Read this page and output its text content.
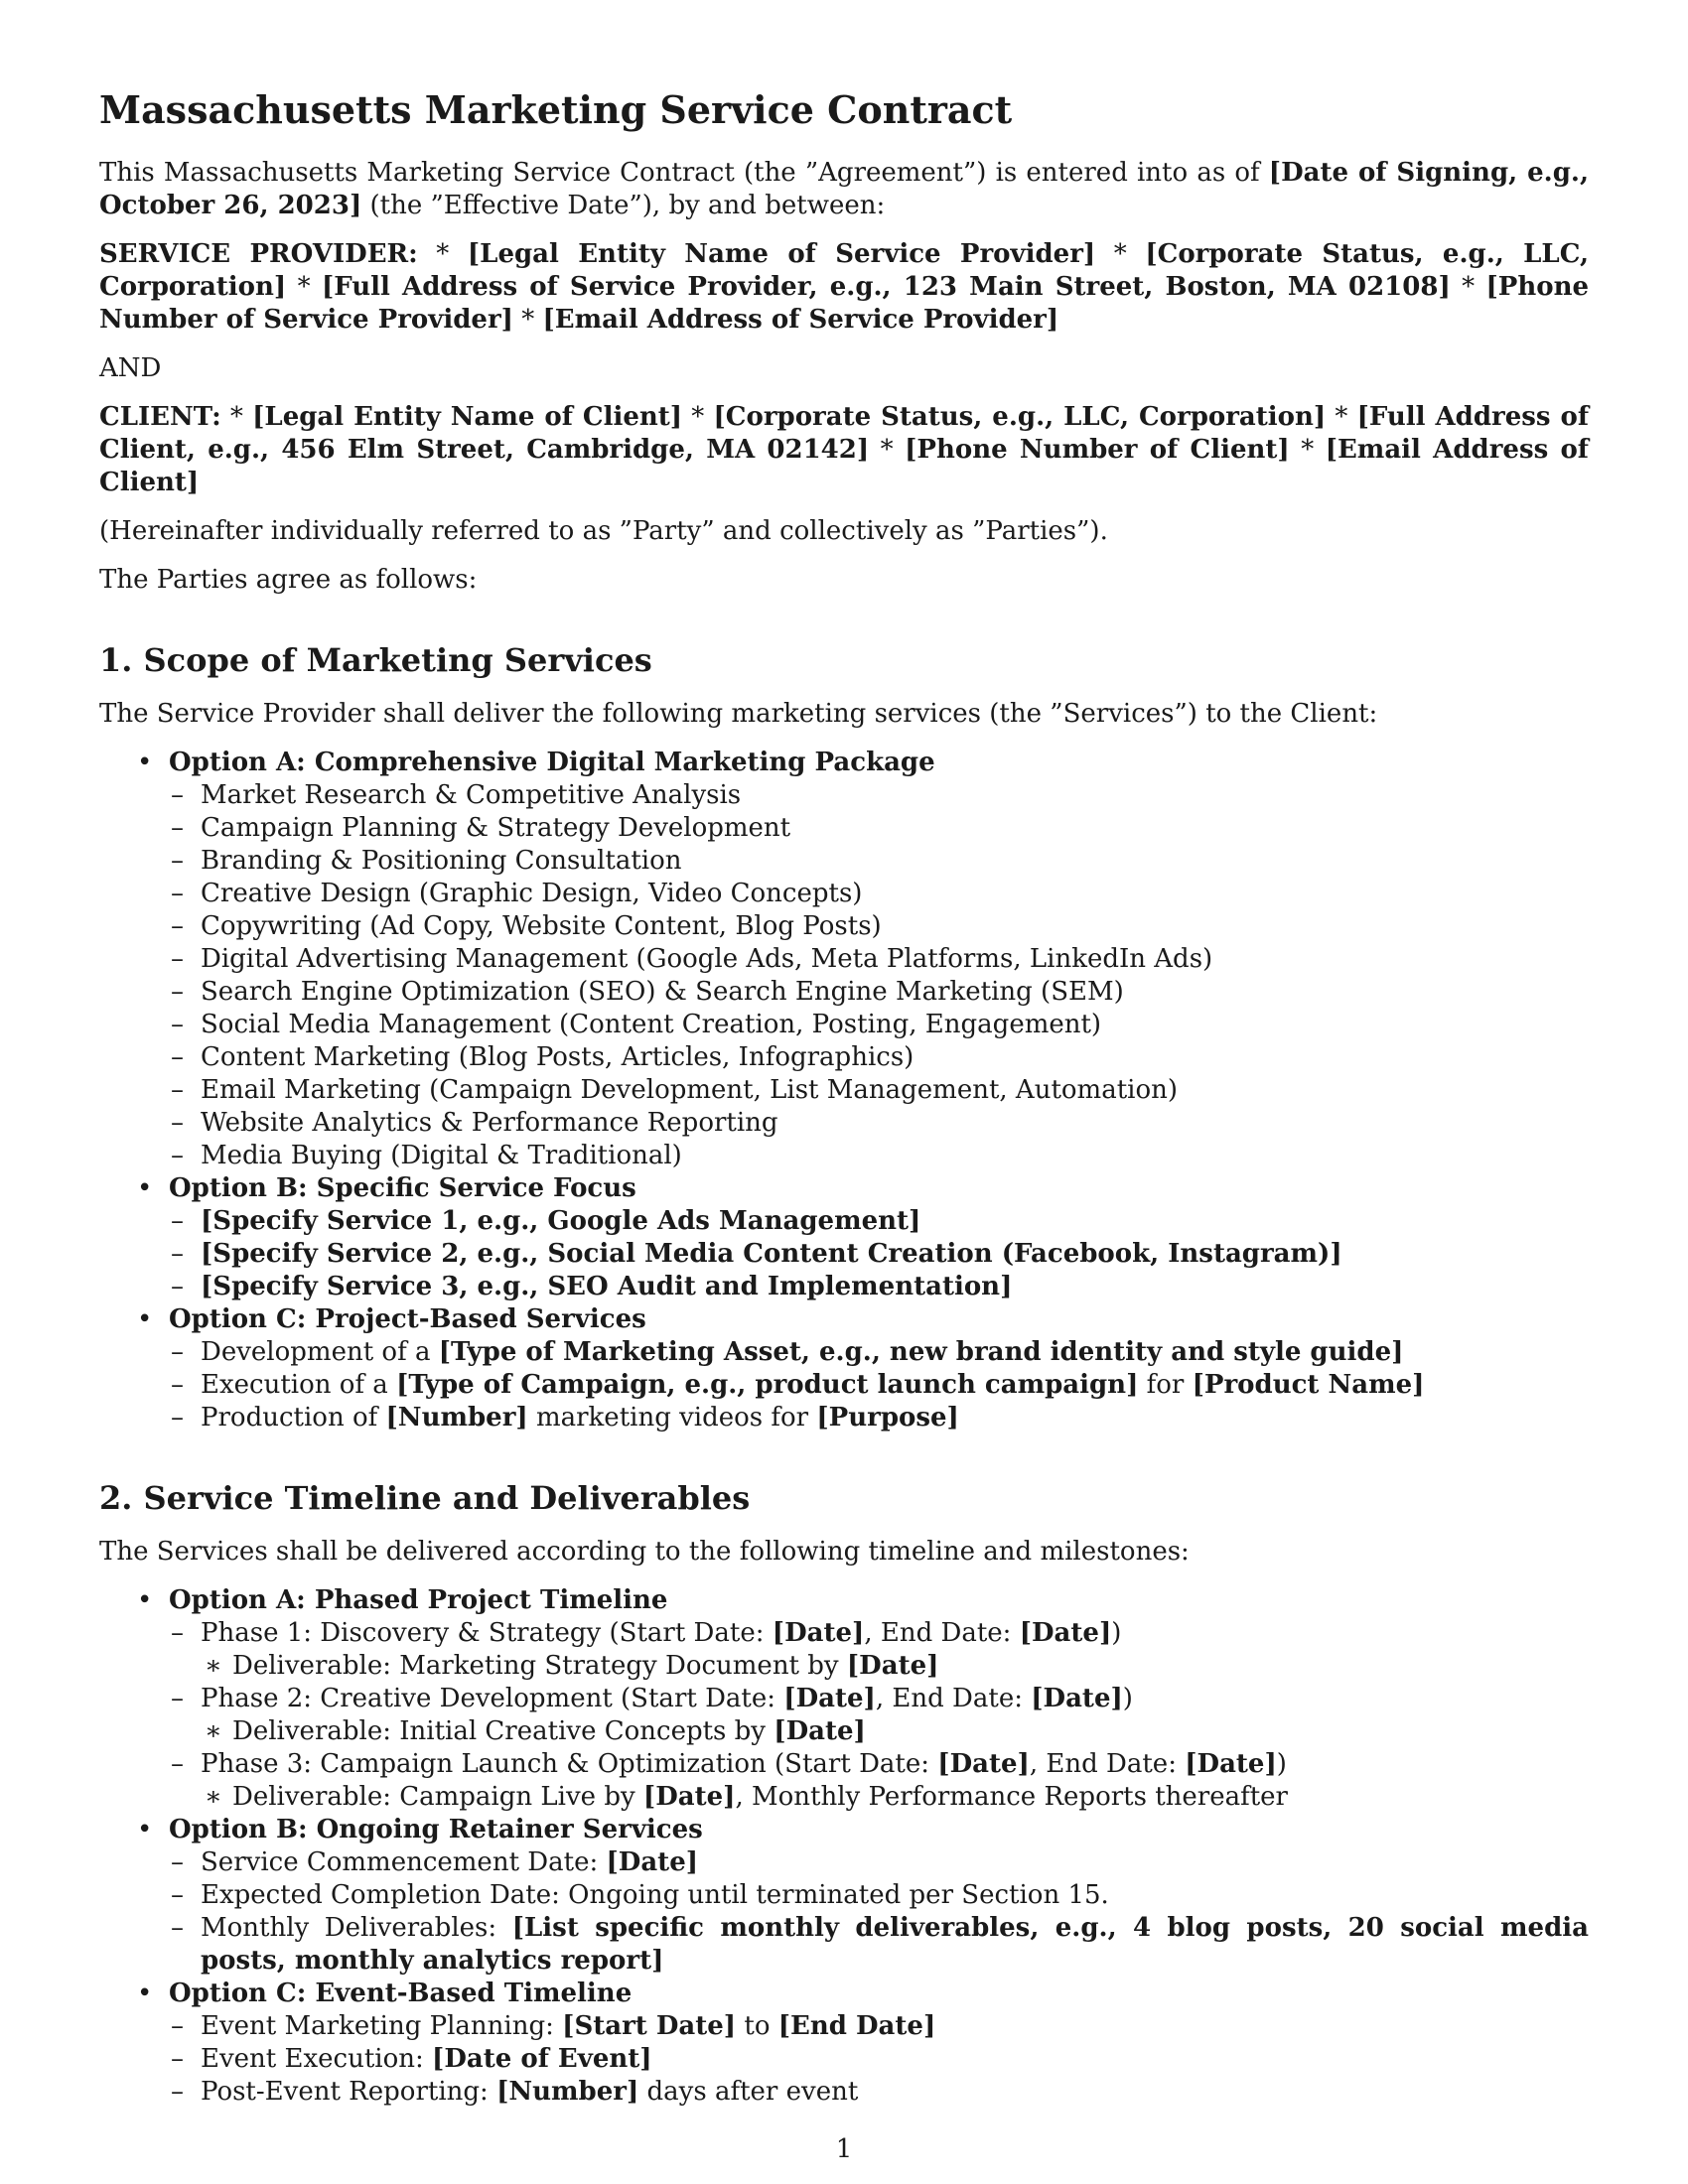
Massachusetts Marketing Service Contract

This Massachusetts Marketing Service Contract (the ”Agreement”) is entered into as of [Date of Signing, e.g., October 26, 2023] (the ”Effective Date”), by and between:

SERVICE PROVIDER: * [Legal Entity Name of Service Provider] * [Corporate Status, e.g., LLC, Corporation] * [Full Address of Service Provider, e.g., 123 Main Street, Boston, MA 02108] * [Phone Number of Service Provider] * [Email Address of Service Provider]

AND

CLIENT: * [Legal Entity Name of Client] * [Corporate Status, e.g., LLC, Corporation] * [Full Address of Client, e.g., 456 Elm Street, Cambridge, MA 02142] * [Phone Number of Client] * [Email Address of Client]

(Hereinafter individually referred to as ”Party” and collectively as ”Parties”).

The Parties agree as follows:

1. Scope of Marketing Services

The Service Provider shall deliver the following marketing services (the ”Services”) to the Client:

• Option A: Comprehensive Digital Marketing Package
– Market Research & Competitive Analysis
– Campaign Planning & Strategy Development
– Branding & Positioning Consultation
– Creative Design (Graphic Design, Video Concepts)
– Copywriting (Ad Copy, Website Content, Blog Posts)
– Digital Advertising Management (Google Ads, Meta Platforms, LinkedIn Ads)
– Search Engine Optimization (SEO) & Search Engine Marketing (SEM)
– Social Media Management (Content Creation, Posting, Engagement)
– Content Marketing (Blog Posts, Articles, Infographics)
– Email Marketing (Campaign Development, List Management, Automation)
– Website Analytics & Performance Reporting
– Media Buying (Digital & Traditional)
• Option B: Specific Service Focus
– [Specify Service 1, e.g., Google Ads Management]
– [Specify Service 2, e.g., Social Media Content Creation (Facebook, Instagram)]
– [Specify Service 3, e.g., SEO Audit and Implementation]
• Option C: Project-Based Services
– Development of a [Type of Marketing Asset, e.g., new brand identity and style guide]
– Execution of a [Type of Campaign, e.g., product launch campaign] for [Product Name]
– Production of [Number] marketing videos for [Purpose]
2. Service Timeline and Deliverables

The Services shall be delivered according to the following timeline and milestones:

• Option A: Phased Project Timeline
– Phase 1: Discovery & Strategy (Start Date: [Date], End Date: [Date])
∗ Deliverable: Marketing Strategy Document by [Date]
– Phase 2: Creative Development (Start Date: [Date], End Date: [Date])
∗ Deliverable: Initial Creative Concepts by [Date]
– Phase 3: Campaign Launch & Optimization (Start Date: [Date], End Date: [Date])
∗ Deliverable: Campaign Live by [Date], Monthly Performance Reports thereafter
• Option B: Ongoing Retainer Services
– Service Commencement Date: [Date]
– Expected Completion Date: Ongoing until terminated per Section 15.
– Monthly Deliverables: [List specific monthly deliverables, e.g., 4 blog posts, 20 social media posts, monthly analytics report]
• Option C: Event-Based Timeline
– Event Marketing Planning: [Start Date] to [End Date]
– Event Execution: [Date of Event]
– Post-Event Reporting: [Number] days after event
1
